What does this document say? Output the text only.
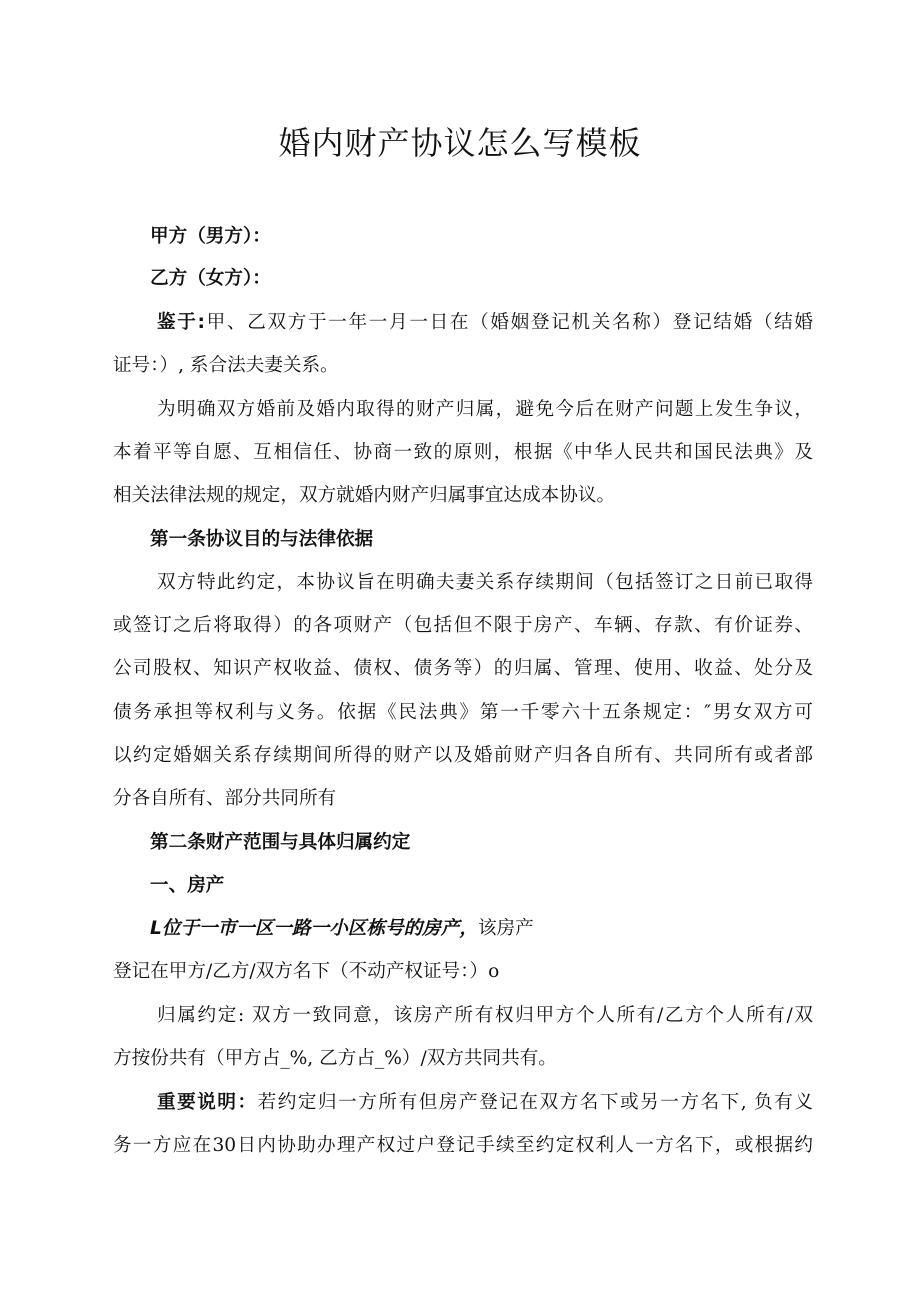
婚内财产协议怎么写模板
甲方（男方）：
乙方（女方）：
鉴于:甲、乙双方于一年一月一日在（婚姻登记机关名称）登记结婚（结婚
证号：）, 系合法夫妻关系。
为明确双方婚前及婚内取得的财产归属，避免今后在财产问题上发生争议，
本着平等自愿、互相信任、协商一致的原则，根据《中华人民共和国民法典》及
相关法律法规的规定，双方就婚内财产归属事宜达成本协议。
第一条协议目的与法律依据
双方特此约定，本协议旨在明确夫妻关系存续期间（包括签订之日前已取得
或签订之后将取得）的各项财产（包括但不限于房产、车辆、存款、有价证券、
公司股权、知识产权收益、债权、债务等）的归属、管理、使用、收益、处分及
债务承担等权利与义务。依据《民法典》第一千零六十五条规定：″男女双方可
以约定婚姻关系存续期间所得的财产以及婚前财产归各自所有、共同所有或者部
分各自所有、部分共同所有
第二条财产范围与具体归属约定
一、房产
L位于一市一区一路一小区栋号的房产，该房产
登记在甲方/乙方/双方名下（不动产权证号：）o
归属约定: 双方一致同意，该房产所有权归甲方个人所有/乙方个人所有/双
方按份共有（甲方占_%, 乙方占_%）/双方共同共有。
重要说明：若约定归一方所有但房产登记在双方名下或另一方名下, 负有义
务一方应在30日内协助办理产权过户登记手续至约定权利人一方名下，或根据约
